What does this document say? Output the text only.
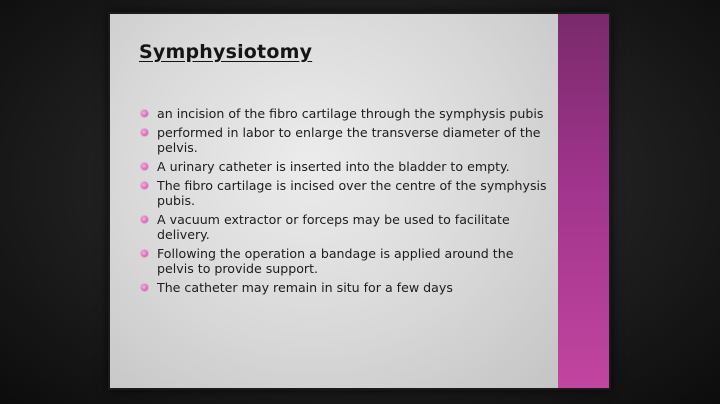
Symphysiotomy
an incision of the fibro cartilage through the symphysis pubis
performed in labor to enlarge the transverse diameter of the pelvis.
A urinary catheter is inserted into the bladder to empty.
The fibro cartilage is incised over the centre of the symphysis pubis.
A vacuum extractor or forceps may be used to facilitate delivery.
Following the operation a bandage is applied around the pelvis to provide support.
The catheter may remain in situ for a few days
